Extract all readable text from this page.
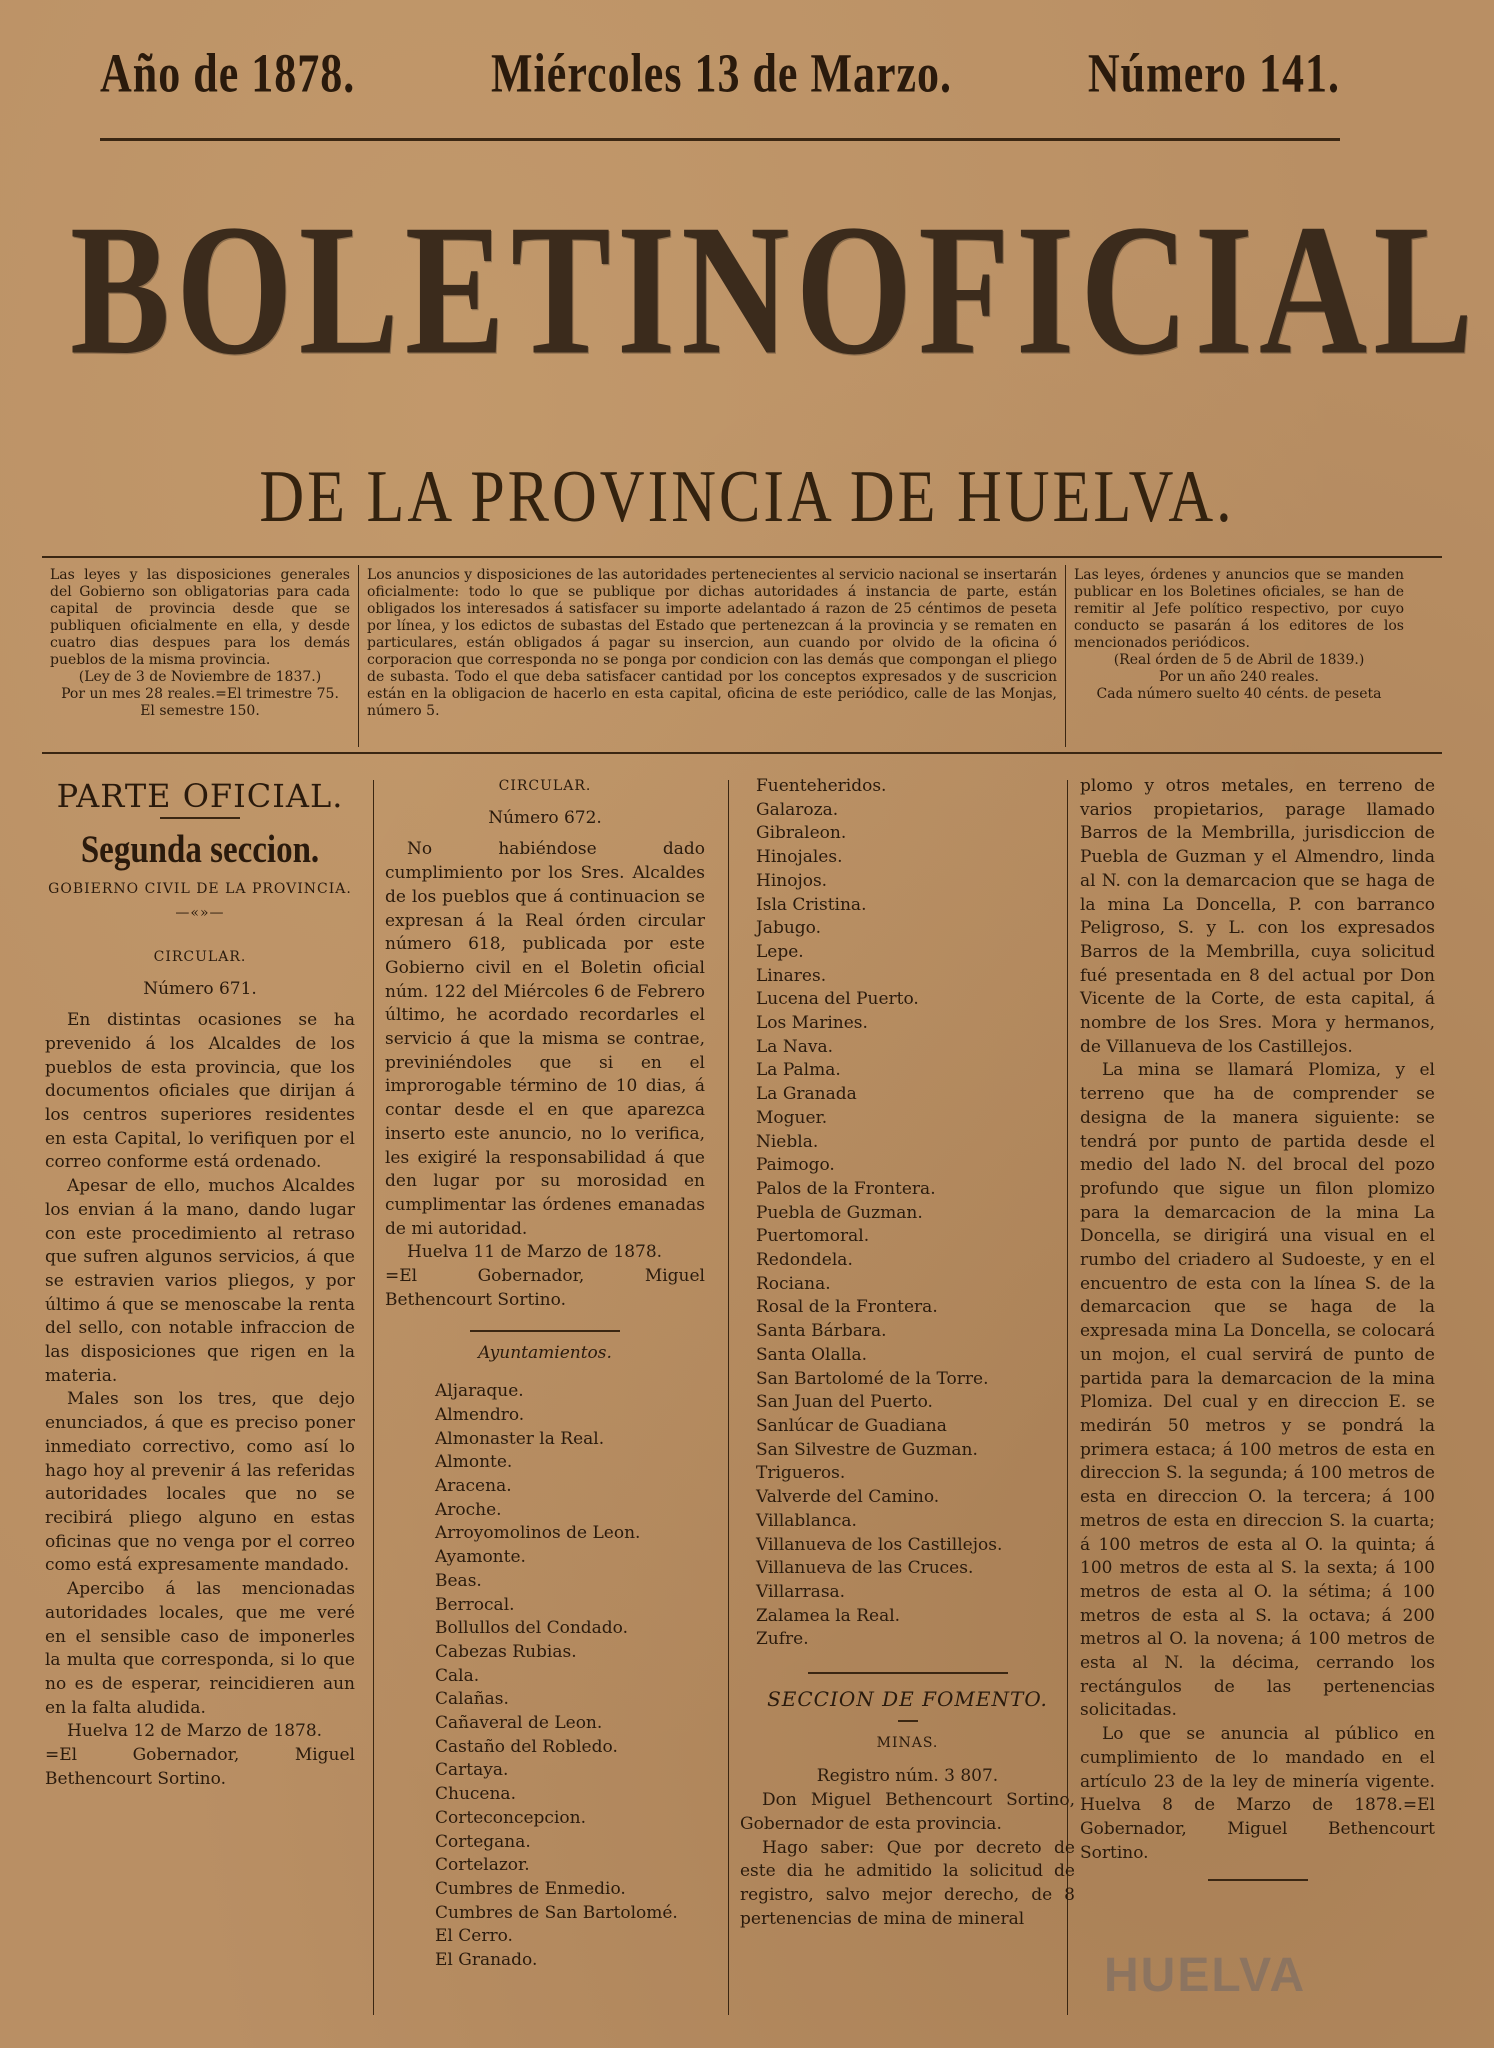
Año de 1878.	Miércoles 13 de Marzo.	Número 141.
BOLETIN OFICIAL
DE LA PROVINCIA DE HUELVA.
Las leyes y las disposiciones generales del Gobierno son obligatorias para cada capital de provincia desde que se publiquen oficialmente en ella, y desde cuatro dias despues para los demás pueblos de la misma provincia.
(Ley de 3 de Noviembre de 1837.)
Por un mes 28 reales.=El trimestre 75.
El semestre 150.
Los anuncios y disposiciones de las autoridades pertenecientes al servicio nacional se insertarán oficialmente: todo lo que se publique por dichas autoridades á instancia de parte, están obligados los interesados á satisfacer su importe adelantado á razon de 25 céntimos de peseta por línea, y los edictos de subastas del Estado que pertenezcan á la provincia y se rematen en particulares, están obligados á pagar su insercion, aun cuando por olvido de la oficina ó corporacion que corresponda no se ponga por condicion con las demás que compongan el pliego de subasta. Todo el que deba satisfacer cantidad por los conceptos expresados y de suscricion están en la obligacion de hacerlo en esta capital, oficina de este periódico, calle de las Monjas, número 5.
Las leyes, órdenes y anuncios que se manden publicar en los Boletines oficiales, se han de remitir al Jefe político respectivo, por cuyo conducto se pasarán á los editores de los mencionados periódicos.
(Real órden de 5 de Abril de 1839.)
Por un año 240 reales.
Cada número suelto 40 cénts. de peseta
PARTE OFICIAL.
Segunda seccion.
GOBIERNO CIVIL DE LA PROVINCIA.
—«»—
CIRCULAR.
Número 671.

En distintas ocasiones se ha prevenido á los Alcaldes de los pueblos de esta provincia, que los documentos oficiales que dirijan á los centros superiores residentes en esta Capital, lo verifiquen por el correo conforme está ordenado.

Apesar de ello, muchos Alcaldes los envian á la mano, dando lugar con este procedimiento al retraso que sufren algunos servicios, á que se estravien varios pliegos, y por último á que se menoscabe la renta del sello, con notable infraccion de las disposiciones que rigen en la materia.

Males son los tres, que dejo enunciados, á que es preciso poner inmediato correctivo, como así lo hago hoy al prevenir á las referidas autoridades locales que no se recibirá pliego alguno en estas oficinas que no venga por el correo como está expresamente mandado.

Apercibo á las mencionadas autoridades locales, que me veré en el sensible caso de imponerles la multa que corresponda, si lo que no es de esperar, reincidieren aun en la falta aludida.

Huelva 12 de Marzo de 1878.

=El Gobernador, Miguel Bethencourt Sortino.

CIRCULAR.
Número 672.

No habiéndose dado cumplimiento por los Sres. Alcaldes de los pueblos que á continuacion se expresan á la Real órden circular número 618, publicada por este Gobierno civil en el Boletin oficial núm. 122 del Miércoles 6 de Febrero último, he acordado recordarles el servicio á que la misma se contrae, previniéndoles que si en el improrogable término de 10 dias, á contar desde el en que aparezca inserto este anuncio, no lo verifica, les exigiré la responsabilidad á que den lugar por su morosidad en cumplimentar las órdenes emanadas de mi autoridad.

Huelva 11 de Marzo de 1878.

=El Gobernador, Miguel Bethencourt Sortino.

Ayuntamientos.
Aljaraque.
Almendro.
Almonaster la Real.
Almonte.
Aracena.
Aroche.
Arroyomolinos de Leon.
Ayamonte.
Beas.
Berrocal.
Bollullos del Condado.
Cabezas Rubias.
Cala.
Calañas.
Cañaveral de Leon.
Castaño del Robledo.
Cartaya.
Chucena.
Corteconcepcion.
Cortegana.
Cortelazor.
Cumbres de Enmedio.
Cumbres de San Bartolomé.
El Cerro.
El Granado.
Fuenteheridos.
Galaroza.
Gibraleon.
Hinojales.
Hinojos.
Isla Cristina.
Jabugo.
Lepe.
Linares.
Lucena del Puerto.
Los Marines.
La Nava.
La Palma.
La Granada
Moguer.
Niebla.
Paimogo.
Palos de la Frontera.
Puebla de Guzman.
Puertomoral.
Redondela.
Rociana.
Rosal de la Frontera.
Santa Bárbara.
Santa Olalla.
San Bartolomé de la Torre.
San Juan del Puerto.
Sanlúcar de Guadiana
San Silvestre de Guzman.
Trigueros.
Valverde del Camino.
Villablanca.
Villanueva de los Castillejos.
Villanueva de las Cruces.
Villarrasa.
Zalamea la Real.
Zufre.
SECCION DE FOMENTO.
MINAS.
Registro núm. 3 807.

Don Miguel Bethencourt Sortino, Gobernador de esta provincia.

Hago saber: Que por decreto de este dia he admitido la solicitud de registro, salvo mejor derecho, de 8 pertenencias de mina de mineral

plomo y otros metales, en terreno de varios propietarios, parage llamado Barros de la Membrilla, jurisdiccion de Puebla de Guzman y el Almendro, linda al N. con la demarcacion que se haga de la mina La Doncella, P. con barranco Peligroso, S. y L. con los expresados Barros de la Membrilla, cuya solicitud fué presentada en 8 del actual por Don Vicente de la Corte, de esta capital, á nombre de los Sres. Mora y hermanos, de Villanueva de los Castillejos.

La mina se llamará Plomiza, y el terreno que ha de comprender se designa de la manera siguiente: se tendrá por punto de partida desde el medio del lado N. del brocal del pozo profundo que sigue un filon plomizo para la demarcacion de la mina La Doncella, se dirigirá una visual en el rumbo del criadero al Sudoeste, y en el encuentro de esta con la línea S. de la demarcacion que se haga de la expresada mina La Doncella, se colocará un mojon, el cual servirá de punto de partida para la demarcacion de la mina Plomiza. Del cual y en direccion E. se medirán 50 metros y se pondrá la primera estaca; á 100 metros de esta en direccion S. la segunda; á 100 metros de esta en direccion O. la tercera; á 100 metros de esta en direccion S. la cuarta; á 100 metros de esta al O. la quinta; á 100 metros de esta al S. la sexta; á 100 metros de esta al O. la sétima; á 100 metros de esta al S. la octava; á 200 metros al O. la novena; á 100 metros de esta al N. la décima, cerrando los rectángulos de las pertenencias solicitadas.

Lo que se anuncia al público en cumplimiento de lo mandado en el artículo 23 de la ley de minería vigente. Huelva 8 de Marzo de 1878.=El Gobernador, Miguel Bethencourt Sortino.

HUELVA
